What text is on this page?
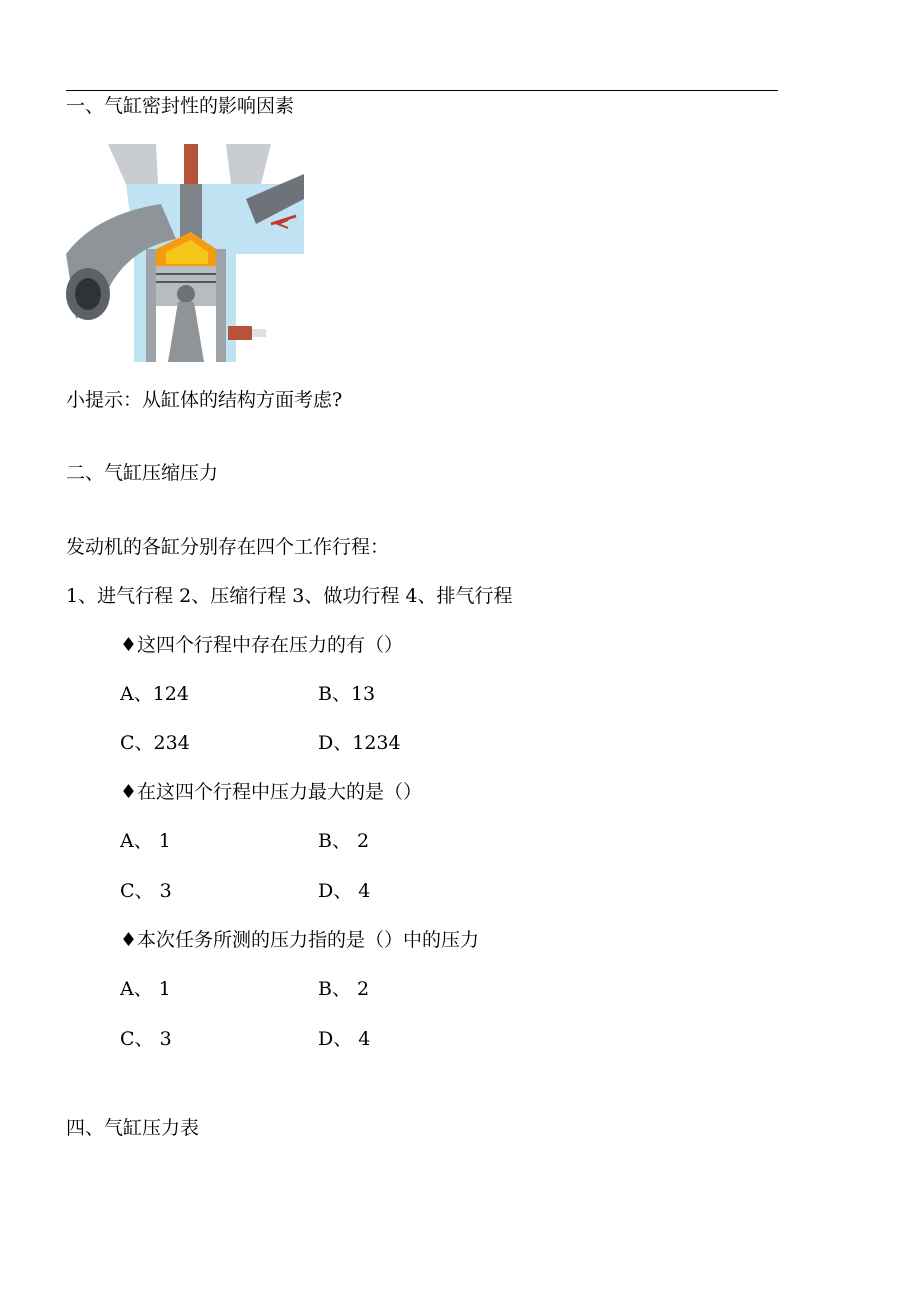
一、气缸密封性的影响因素
小提示：从缸体的结构方面考虑?
二、气缸压缩压力
发动机的各缸分别存在四个工作行程：
1、进气行程 2、压缩行程 3、做功行程 4、排气行程
♦这四个行程中存在压力的有（）
A、124	B、13
C、234	D、1234
♦在这四个行程中压力最大的是（）
A、 1	B、 2
C、 3	D、 4
♦本次任务所测的压力指的是（）中的压力
A、 1	B、 2
C、 3	D、 4
四、气缸压力表
